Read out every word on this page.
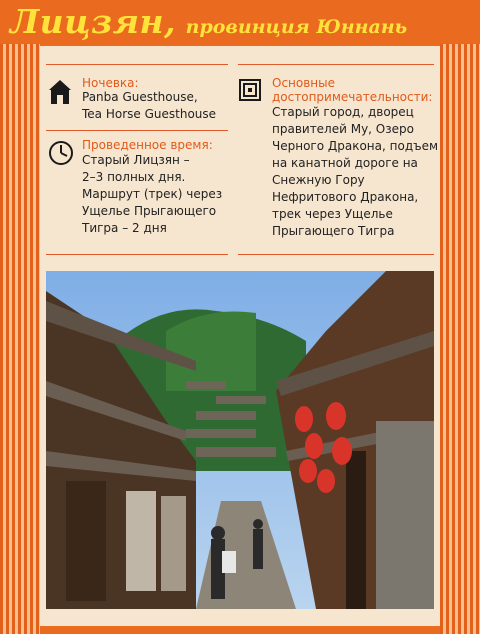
Лицзян, провинция Юннань
Ночевка:
Panba Guesthouse,
Tea Horse Guesthouse
Проведенное время:
Старый Лицзян –
2–3 полных дня.
Маршрут (трек) через
Ущелье Прыгающего
Тигра – 2 дня
Основные
достопримечательности:
Старый город, дворец
правителей Му, Озеро
Черного Дракона, подъем
на канатной дороге на
Снежную Гору
Нефритового Дракона,
трек через Ущелье
Прыгающего Тигра
